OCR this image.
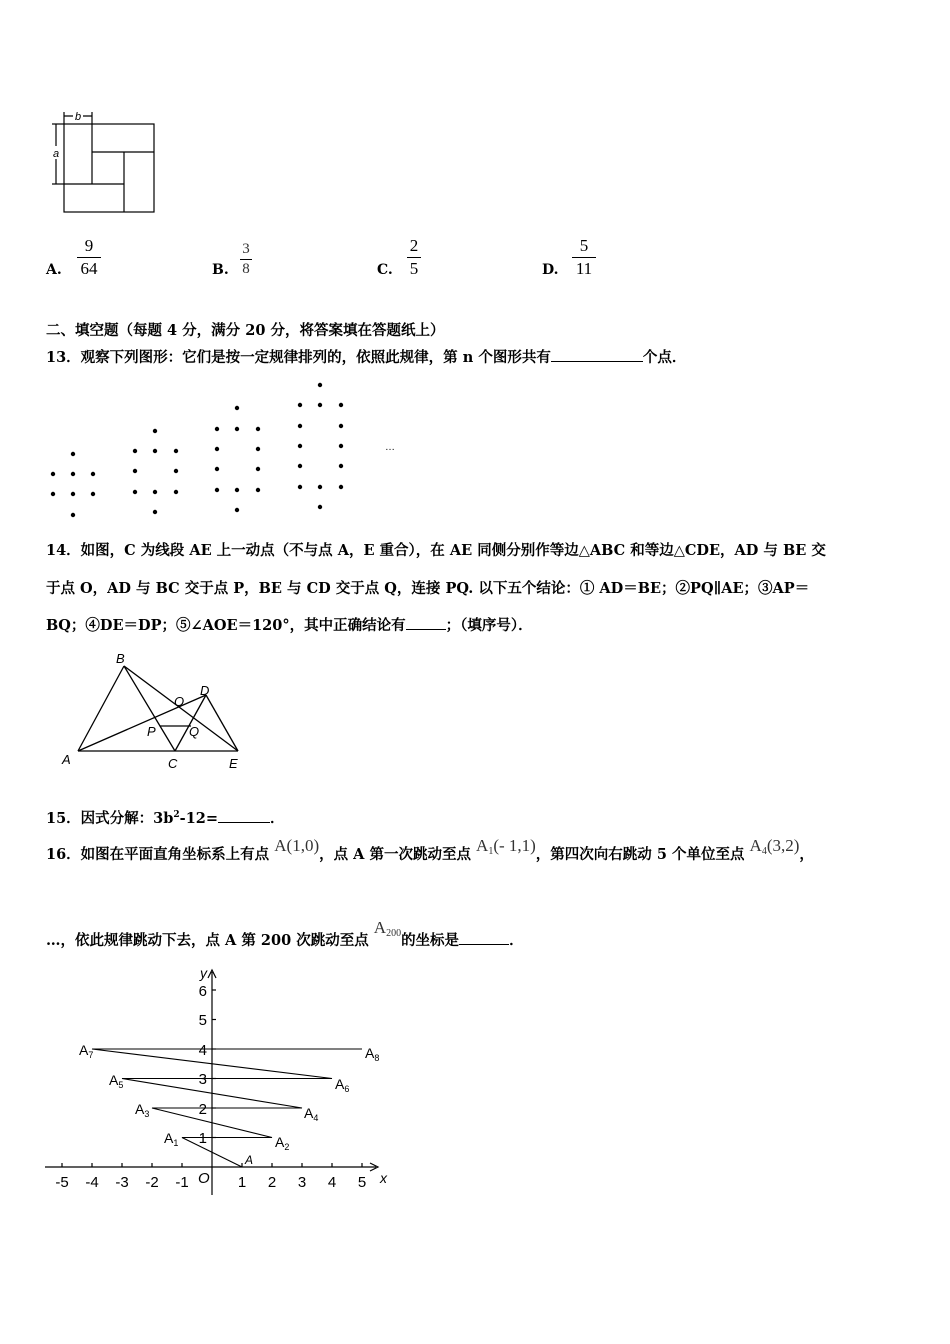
b
a
A.
9
64	B.
3
8	C.
2
5	D.
5
11
二、填空题（每题 4 分，满分 20 分，将答案填在答题纸上）
13．观察下列图形：它们是按一定规律排列的，依照此规律，第 n 个图形共有	个点．
…
14．如图，C 为线段 AE 上一动点（不与点 A，E 重合），在 AE 同侧分别作等边△ABC 和等边△CDE，AD 与 BE 交
于点 O，AD 与 BC 交于点 P，BE 与 CD 交于点 Q，连接 PQ. 以下五个结论：① AD＝BE；②PQ∥AE；③AP＝
BQ；④DE＝DP；⑤∠AOE＝120°，其中正确结论有	；（填序号）．
A
B
C
D
E
O
P	Q
15．因式分解：$3b^2-12=$	．
16．如图在平面直角坐标系上有点 A(1,0)，点 A 第一次跳动至点 $A_1(-$ 1,1)，第四次向右跳动 5 个单位至点 $A_4(3,2)$，
…，依此规律跳动下去，点 A 第 200 次跳动至点 $A_{200}$的坐标是	．
-5 -4 -3 -2 -1	1 2 3 4 5
1
2
3
4
5
6
x
y
O
A
$A_1$	$A_2$
$A_3$	$A_4$
$A_5$	$A_6$
$A_7$	$A_8$
